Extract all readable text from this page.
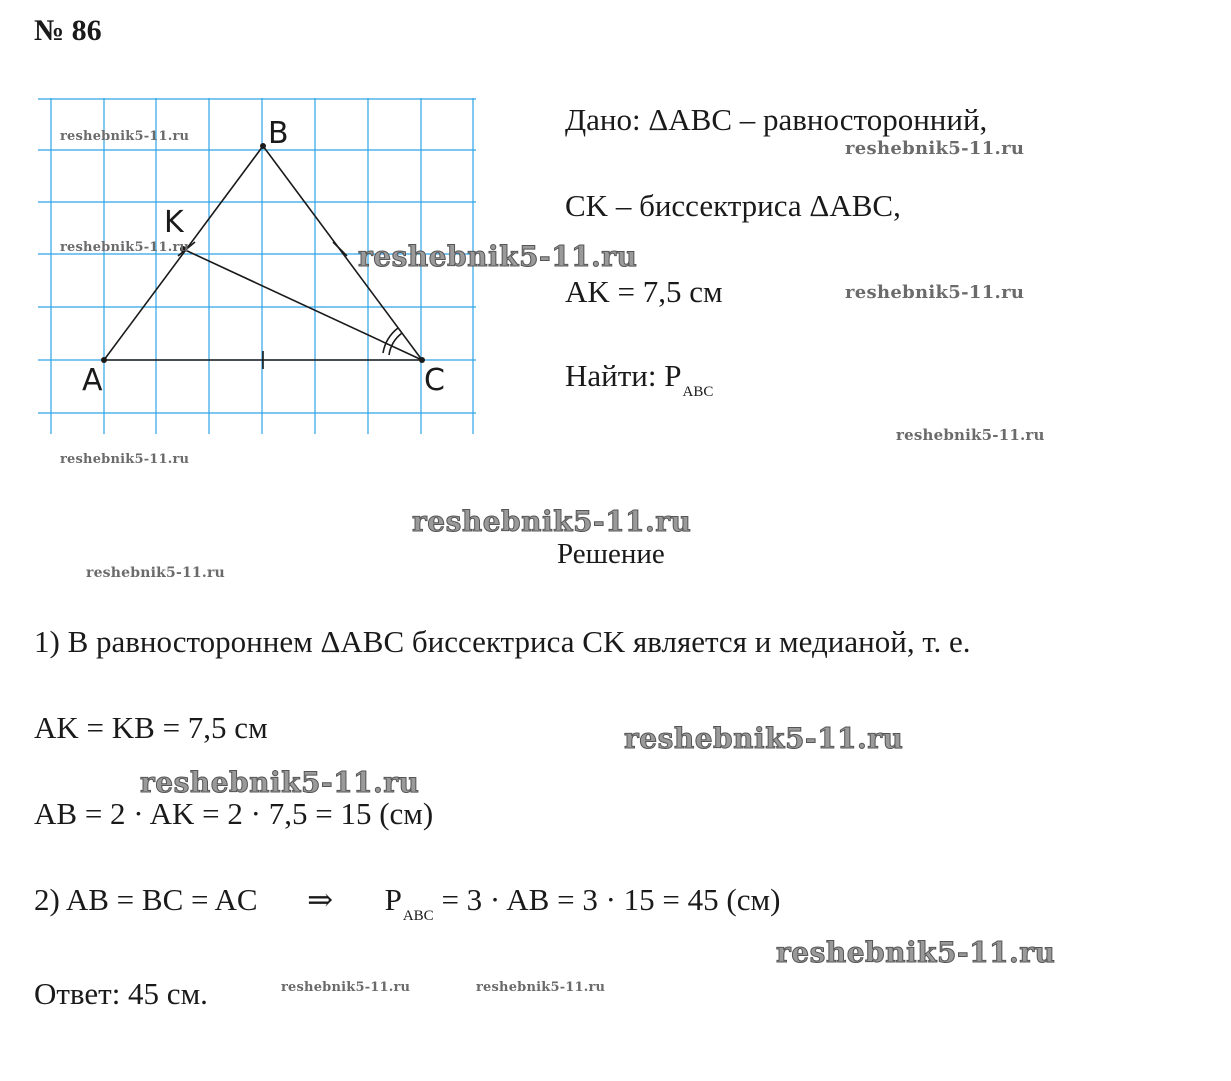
№ 86
A
B
C
K
reshebnik5-11.ru
reshebnik5-11.ru
reshebnik5-11.ru
Дано: ΔABC – равносторонний,
reshebnik5-11.ru
CK – биссектриса ΔABC,
reshebnik5-11.ru
AK = 7,5 см	reshebnik5-11.ru
Найти: $P_{ABC}$
reshebnik5-11.ru
reshebnik5-11.ru
Решение
reshebnik5-11.ru
1) В равностороннем ΔABC биссектриса CK является и медианой, т. е.
AK = KB = 7,5 см	reshebnik5-11.ru
reshebnik5-11.ru
AB = 2 · AK = 2 · 7,5 = 15 (см)
2) AB = BC = AC ⇒ $P_{ABC} = 3$ · AB = 3 · 15 = 45 (см)
reshebnik5-11.ru
Ответ: 45 см.	reshebnik5-11.ru	reshebnik5-11.ru
